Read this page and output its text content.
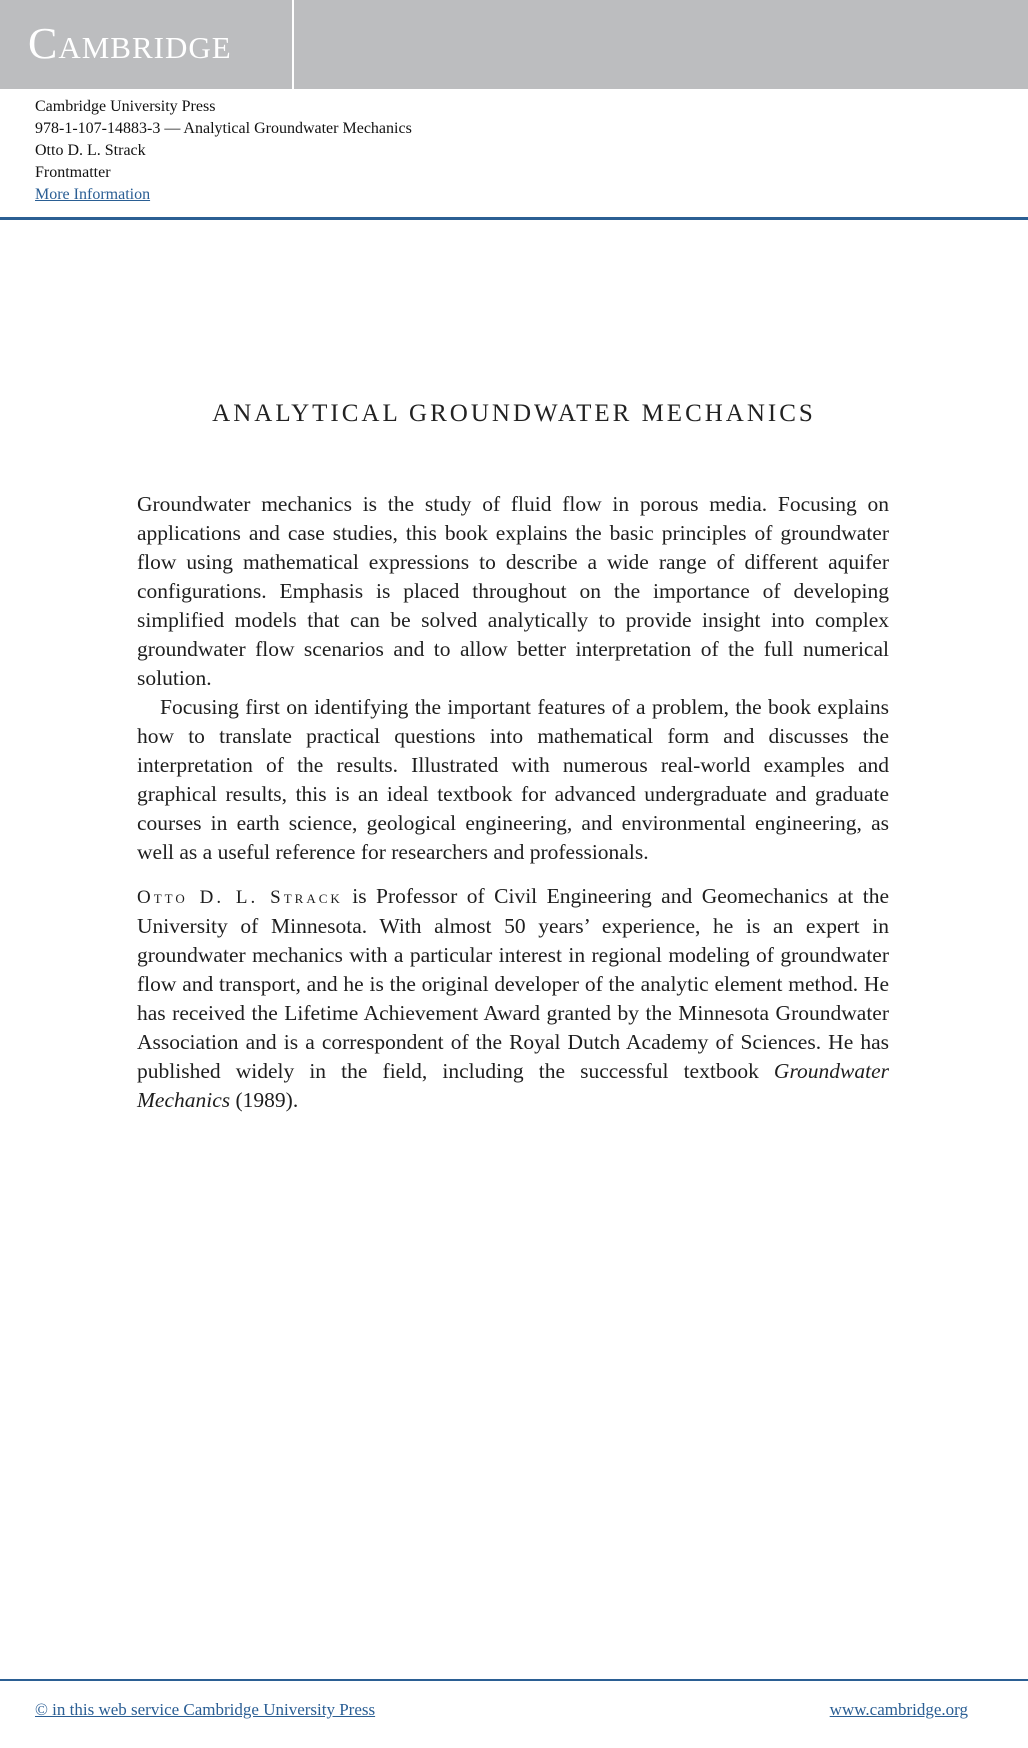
Cambridge
Cambridge University Press
978-1-107-14883-3 — Analytical Groundwater Mechanics
Otto D. L. Strack
Frontmatter
More Information
ANALYTICAL GROUNDWATER MECHANICS

Groundwater mechanics is the study of fluid flow in porous media. Focusing on applications and case studies, this book explains the basic principles of groundwater flow using mathematical expressions to describe a wide range of different aquifer configurations. Emphasis is placed throughout on the importance of developing simplified models that can be solved analytically to provide insight into complex groundwater flow scenarios and to allow better interpretation of the full numerical solution.

Focusing first on identifying the important features of a problem, the book explains how to translate practical questions into mathematical form and discusses the interpretation of the results. Illustrated with numerous real-world examples and graphical results, this is an ideal textbook for advanced undergraduate and graduate courses in earth science, geological engineering, and environmental engineering, as well as a useful reference for researchers and professionals.

Otto D. L. Strack is Professor of Civil Engineering and Geomechanics at the University of Minnesota. With almost 50 years’ experience, he is an expert in groundwater mechanics with a particular interest in regional modeling of groundwater flow and transport, and he is the original developer of the analytic element method. He has received the Lifetime Achievement Award granted by the Minnesota Groundwater Association and is a correspondent of the Royal Dutch Academy of Sciences. He has published widely in the field, including the successful textbook Groundwater Mechanics (1989).

© in this web service Cambridge University Press	www.cambridge.org
